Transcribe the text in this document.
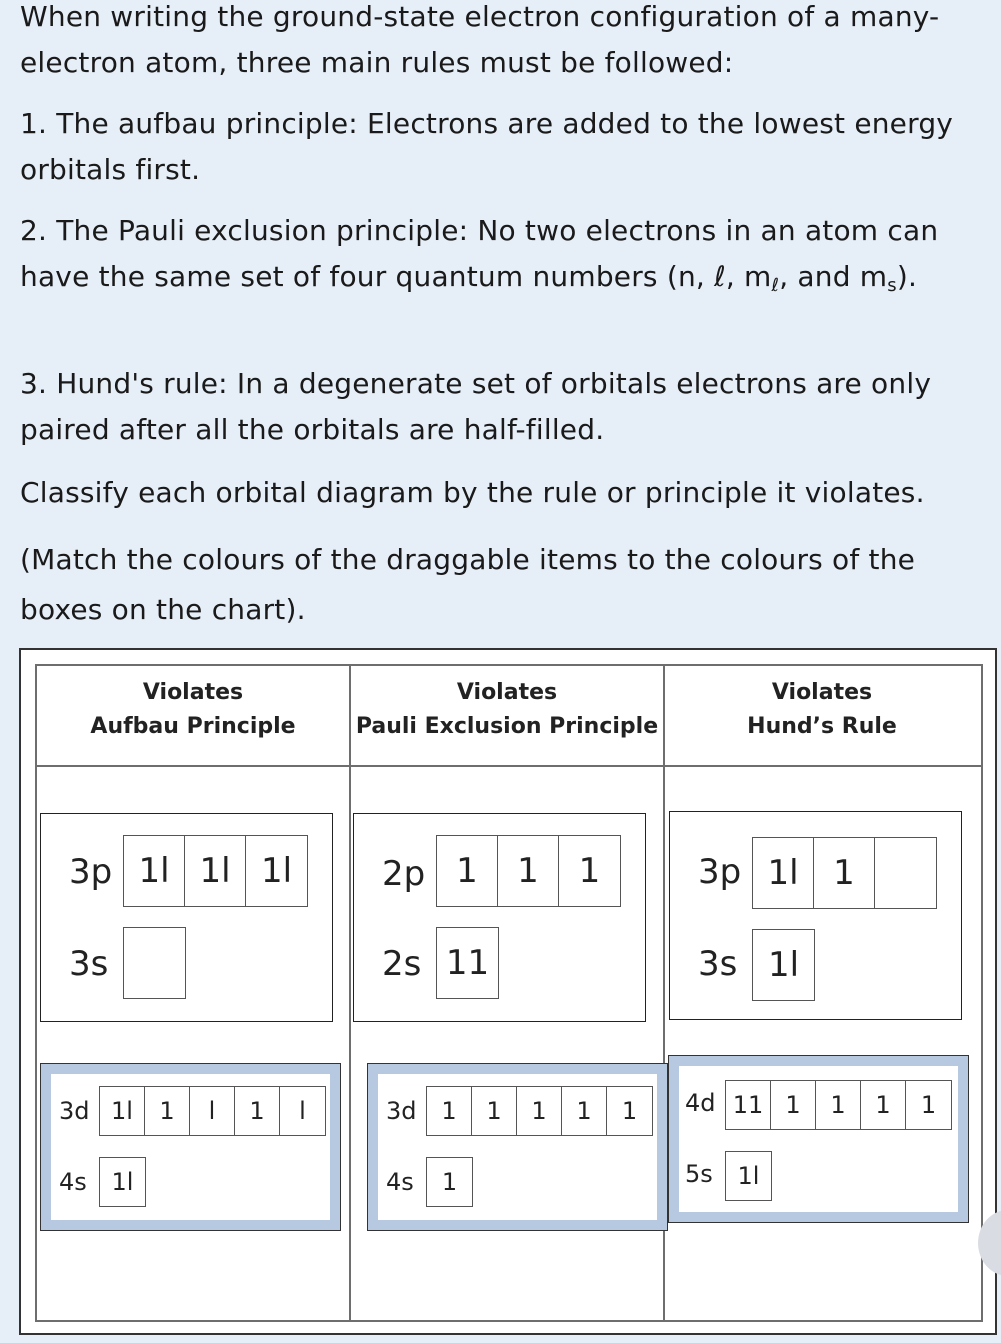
When writing the ground-state electron configuration of a many-electron atom, three main rules must be followed:

1. The aufbau principle: Electrons are added to the lowest energy orbitals first.

2. The Pauli exclusion principle: No two electrons in an atom can have the same set of four quantum numbers (n, ℓ, $m_\ell$, and $m_s$).

3. Hund's rule: In a degenerate set of orbitals electrons are only paired after all the orbitals are half-filled.

Classify each orbital diagram by the rule or principle it violates.

(Match the colours of the draggable items to the colours of the boxes on the chart).

Violates
Aufbau Principle
Violates
Pauli Exclusion Principle
Violates
Hund’s Rule
3p 1l 1l 1l
3s
2p 1	1	1
2s 11
3p 1l	1
3s 1l
3d 1l	1	l	1	l
4s	1l
3d	1	1	1	1	1
4s	1
4d 11 1	1	1	1
5s	1l
